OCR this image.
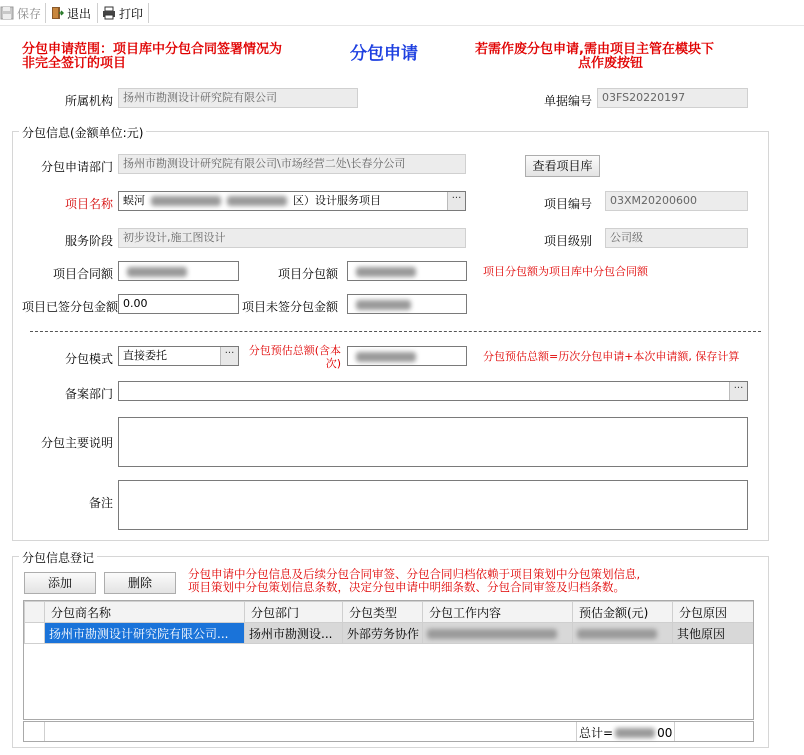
保存 退出 打印
分包申请范围：项目库中分包合同签署情况为
非完全签订的项目	分包申请	若需作废分包申请,需由项目主管在模块下
点作废按钮
所属机构 扬州市勘测设计研究院有限公司	单据编号 03FS20220197
分包信息(金额单位:元)
分包申请部门 扬州市勘测设计研究院有限公司\市场经营二处\长春分公司	查看项目库
项目名称 蜈河	区）设计服务项目	···	项目编号	03XM20200600
服务阶段 初步设计,施工图设计	项目级别	公司级
项目合同额	项目分包额	项目分包额为项目库中分包合同额
项目已签分包金额 0.00	项目未签分包金额
分包模式 直接委托	···	分包预估总额(含本次)
分包预估总额=历次分包申请+本次申请额, 保存计算
备案部门	···
分包主要说明
备注
分包信息登记
添加	删除
分包申请中分包信息及后续分包合同审签、分包合同归档依赖于项目策划中分包策划信息,
项目策划中分包策划信息条数，决定分包申请中明细条数、分包合同审签及归档条数。
	分包商名称	分包部门	分包类型	分包工作内容	预估金额(元)	分包原因
	扬州市勘测设计研究院有限公司...	扬州市勘测设...	外部劳务协作			其他原因
总计=	00
